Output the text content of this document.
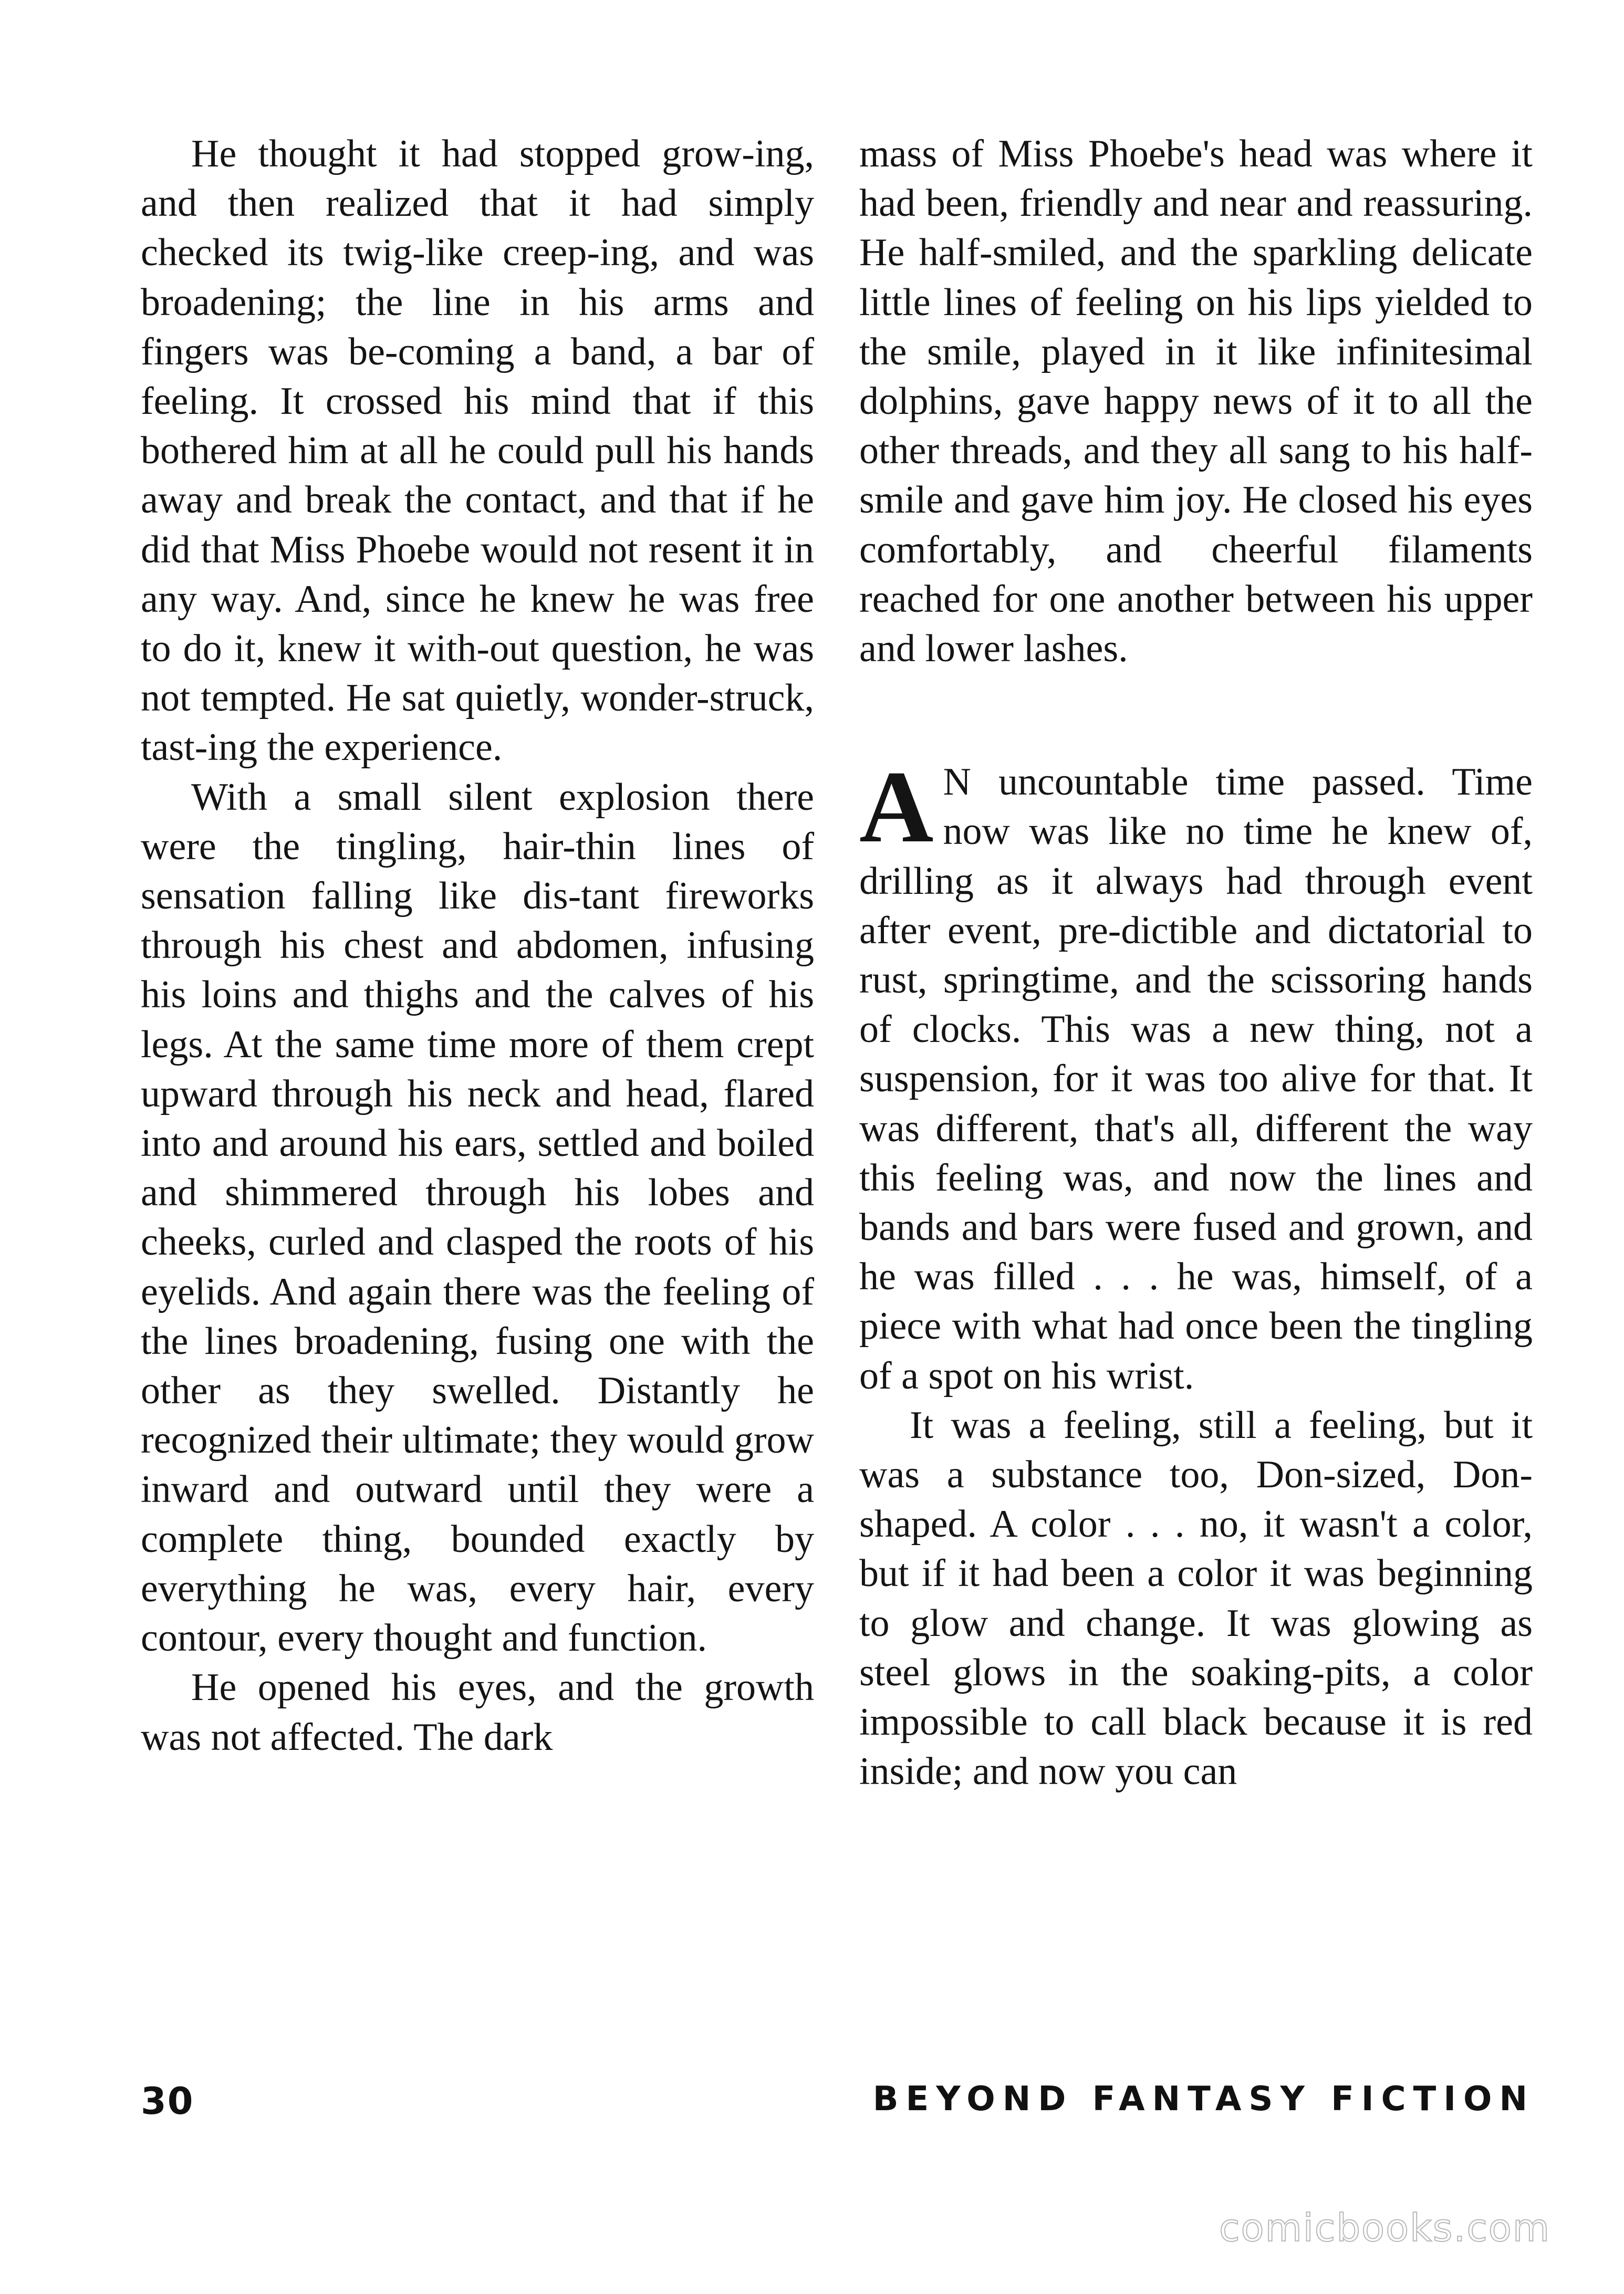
He thought it had stopped grow-ing, and then realized that it had simply checked its twig-like creep-ing, and was broadening; the line in his arms and fingers was be-coming a band, a bar of feeling. It crossed his mind that if this bothered him at all he could pull his hands away and break the contact, and that if he did that Miss Phoebe would not resent it in any way. And, since he knew he was free to do it, knew it with-out question, he was not tempted. He sat quietly, wonder-struck, tast-ing the experience.

With a small silent explosion there were the tingling, hair-thin lines of sensation falling like dis-tant fireworks through his chest and abdomen, infusing his loins and thighs and the calves of his legs. At the same time more of them crept upward through his neck and head, flared into and around his ears, settled and boiled and shimmered through his lobes and cheeks, curled and clasped the roots of his eyelids. And again there was the feeling of the lines broadening, fusing one with the other as they swelled. Distantly he recognized their ultimate; they would grow inward and outward until they were a complete thing, bounded exactly by everything he was, every hair, every contour, every thought and function.

He opened his eyes, and the growth was not affected. The dark

mass of Miss Phoebe's head was where it had been, friendly and near and reassuring. He half-smiled, and the sparkling delicate little lines of feeling on his lips yielded to the smile, played in it like infinitesimal dolphins, gave happy news of it to all the other threads, and they all sang to his half-smile and gave him joy. He closed his eyes comfortably, and cheerful filaments reached for one another between his upper and lower lashes.

A N uncountable time passed. Time now was like no time he knew of, drilling as it always had through event after event, pre-dictible and dictatorial to rust, springtime, and the scissoring hands of clocks. This was a new thing, not a suspension, for it was too alive for that. It was different, that's all, different the way this feeling was, and now the lines and bands and bars were fused and grown, and he was filled . . . he was, himself, of a piece with what had once been the tingling of a spot on his wrist.

It was a feeling, still a feeling, but it was a substance too, Don-sized, Don-shaped. A color . . . no, it wasn't a color, but if it had been a color it was beginning to glow and change. It was glowing as steel glows in the soaking-pits, a color impossible to call black because it is red inside; and now you can

30	BEYOND FANTASY FICTION
comicbooks.com
